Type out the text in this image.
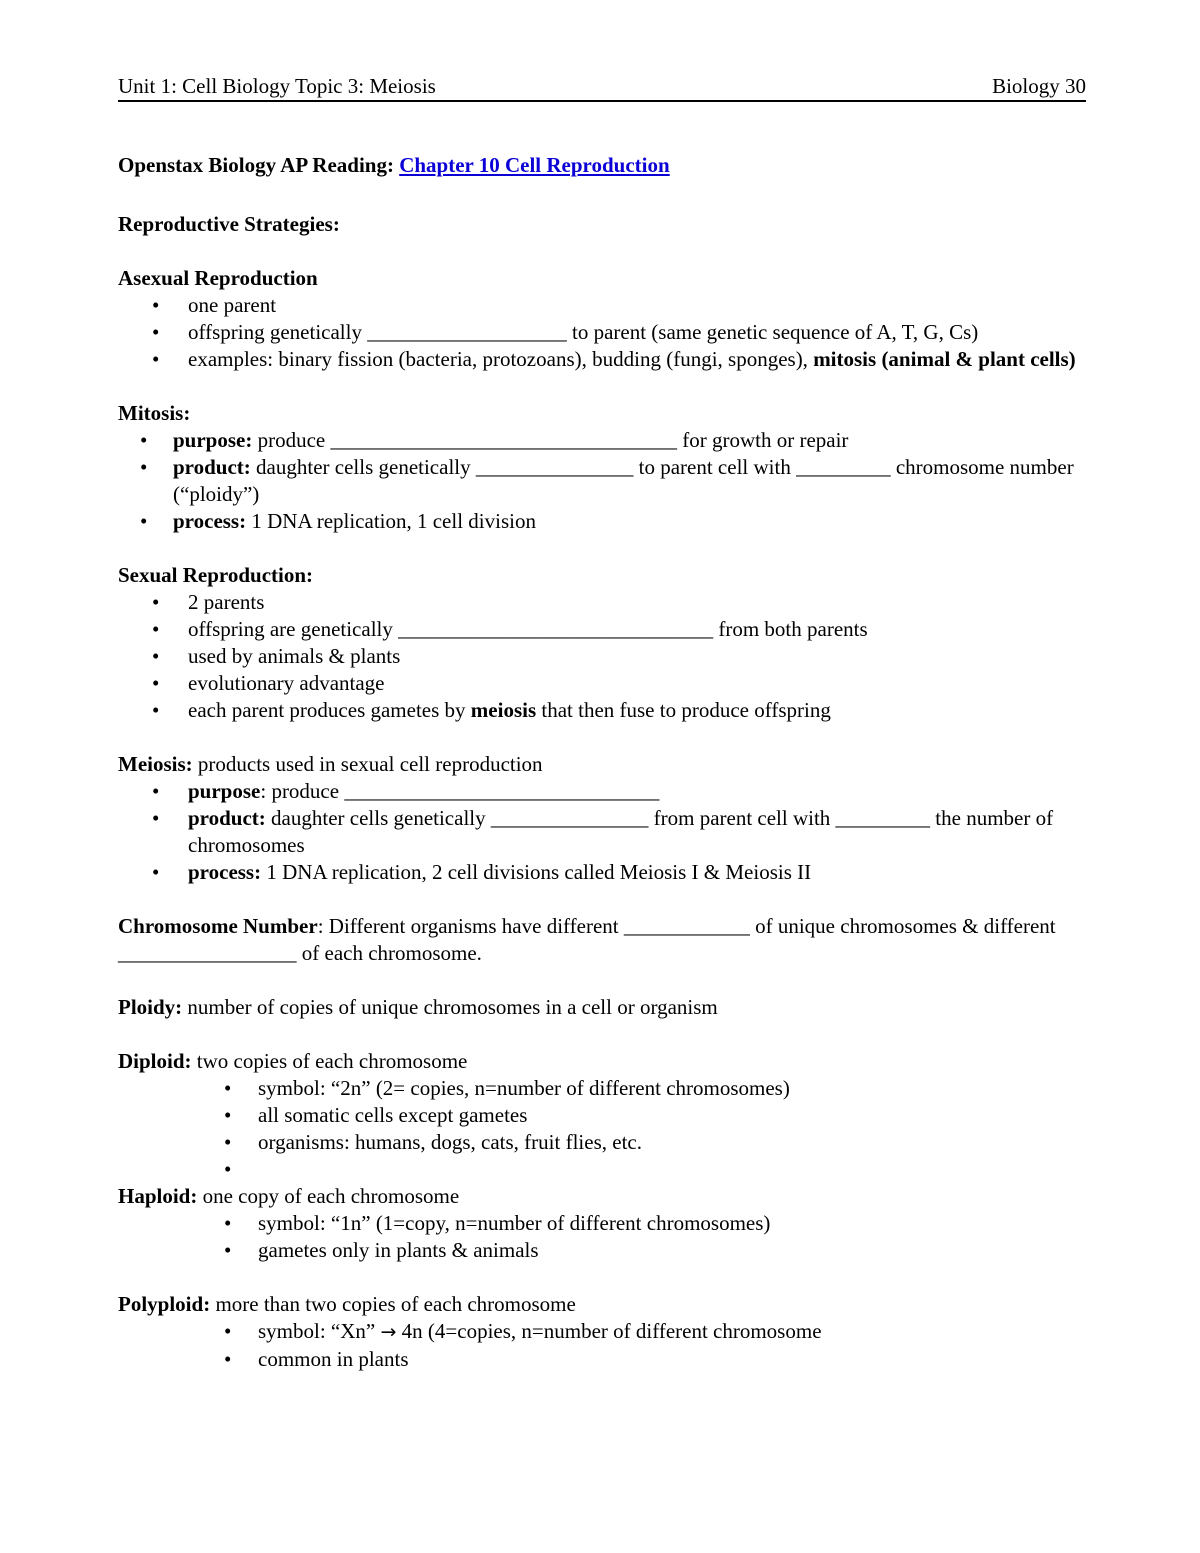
Unit 1: Cell Biology Topic 3: Meiosis	Biology 30

Openstax Biology AP Reading: Chapter 10 Cell Reproduction

Reproductive Strategies:

Asexual Reproduction

• one parent
• offspring genetically ___________________ to parent (same genetic sequence of A, T, G, Cs)
• examples: binary fission (bacteria, protozoans), budding (fungi, sponges), mitosis (animal & plant cells)

Mitosis:

• purpose: produce _________________________________ for growth or repair
• product: daughter cells genetically _______________ to parent cell with _________ chromosome number (“ploidy”)
• process: 1 DNA replication, 1 cell division

Sexual Reproduction:

• 2 parents
• offspring are genetically ______________________________ from both parents
• used by animals & plants
• evolutionary advantage
• each parent produces gametes by meiosis that then fuse to produce offspring

Meiosis: products used in sexual cell reproduction

• purpose: produce ______________________________
• product: daughter cells genetically _______________ from parent cell with _________ the number of chromosomes
• process: 1 DNA replication, 2 cell divisions called Meiosis I & Meiosis II

Chromosome Number: Different organisms have different ____________ of unique chromosomes & different _________________ of each chromosome.

Ploidy: number of copies of unique chromosomes in a cell or organism

Diploid: two copies of each chromosome

• symbol: “2n” (2= copies, n=number of different chromosomes)
• all somatic cells except gametes
• organisms: humans, dogs, cats, fruit flies, etc.
•

Haploid: one copy of each chromosome

• symbol: “1n” (1=copy, n=number of different chromosomes)
• gametes only in plants & animals

Polyploid: more than two copies of each chromosome

• symbol: “Xn” → 4n (4=copies, n=number of different chromosome
• common in plants
